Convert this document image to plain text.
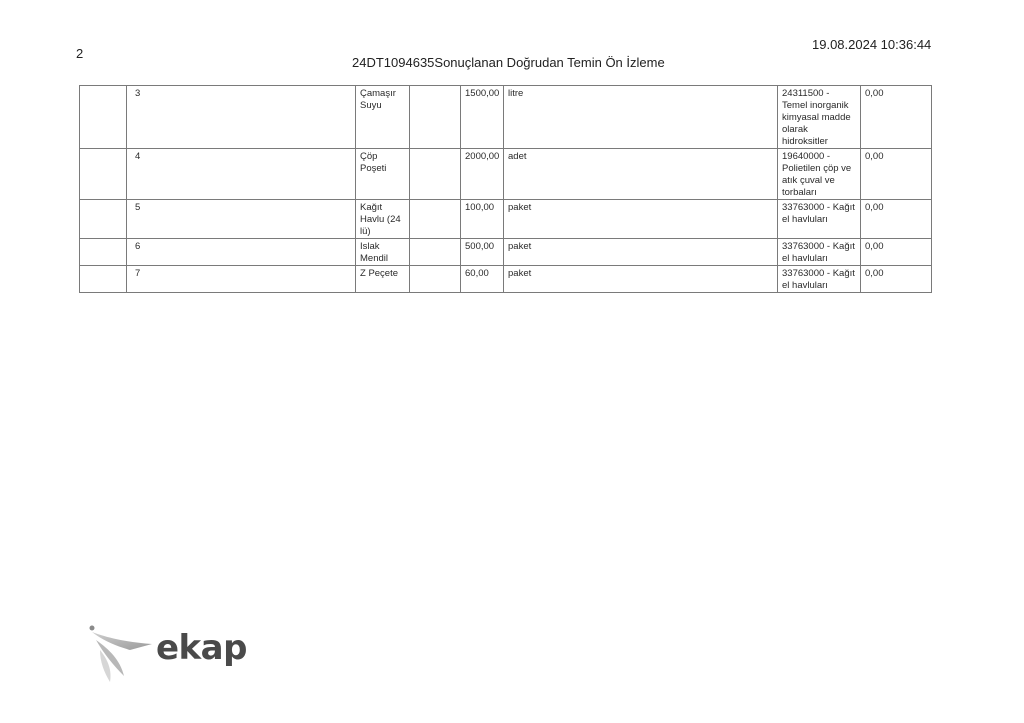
2
19.08.2024 10:36:44
24DT1094635Sonuçlanan Doğrudan Temin Ön İzleme
	3	Çamaşır Suyu		1500,00	litre	24311500 - Temel inorganik kimyasal madde olarak hidroksitler	0,00
	4	Çöp Poşeti		2000,00	adet	19640000 - Polietilen çöp ve atık çuval ve torbaları	0,00
	5	Kağıt Havlu (24 lü)		100,00	paket	33763000 - Kağıt el havluları	0,00
	6	Islak Mendil		500,00	paket	33763000 - Kağıt el havluları	0,00
	7	Z Peçete		60,00	paket	33763000 - Kağıt el havluları	0,00
ekap
